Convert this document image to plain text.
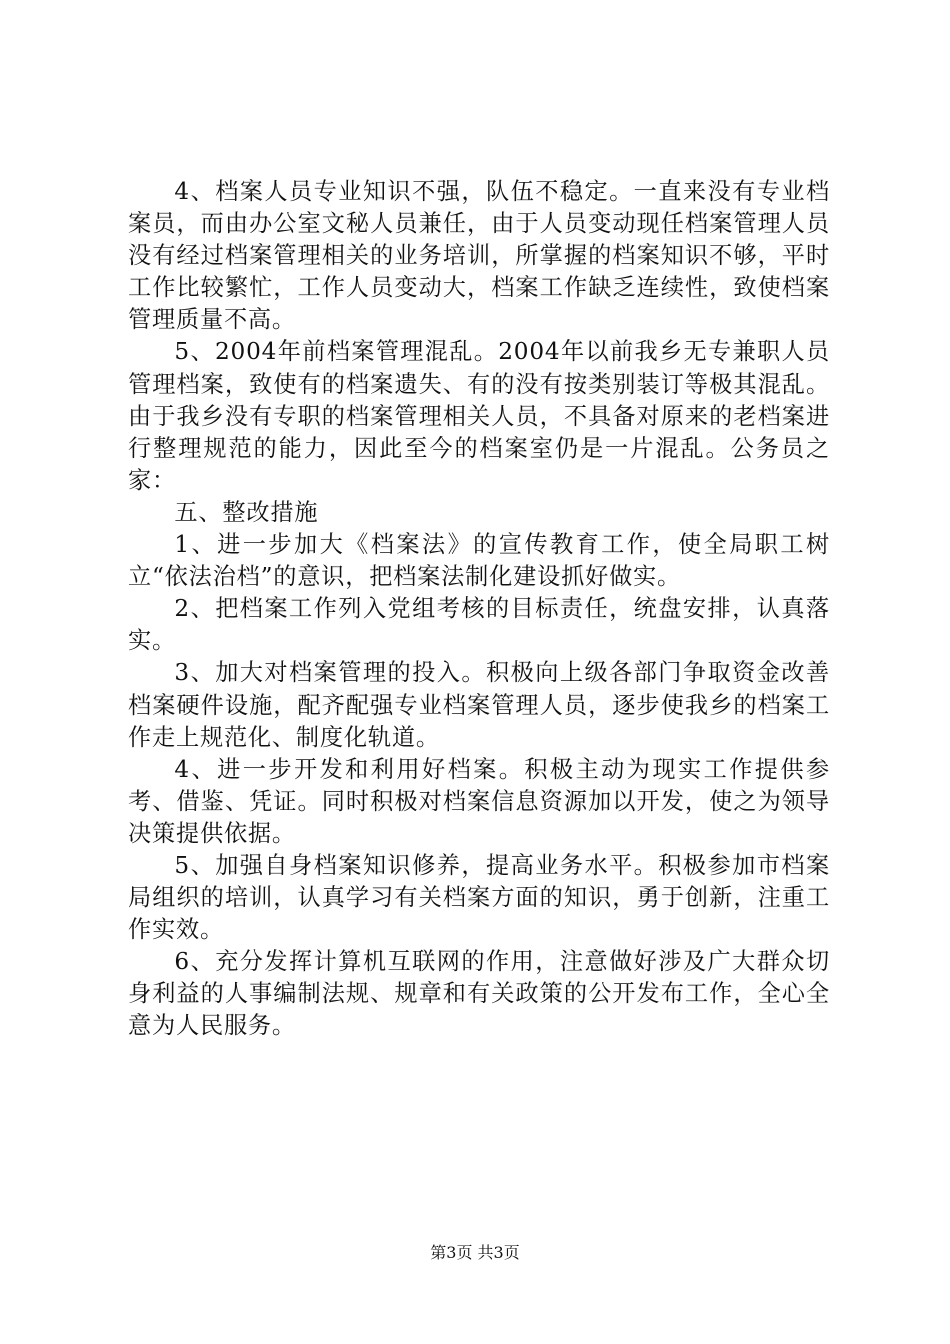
4、档案人员专业知识不强，队伍不稳定。一直来没有专业档案员，而由办公室文秘人员兼任，由于人员变动现任档案管理人员没有经过档案管理相关的业务培训，所掌握的档案知识不够，平时工作比较繁忙，工作人员变动大，档案工作缺乏连续性，致使档案管理质量不高。

5、2004年前档案管理混乱。2004年以前我乡无专兼职人员管理档案，致使有的档案遗失、有的没有按类别装订等极其混乱。由于我乡没有专职的档案管理相关人员，不具备对原来的老档案进行整理规范的能力，因此至今的档案室仍是一片混乱。公务员之家：

五、整改措施

1、进一步加大《档案法》的宣传教育工作，使全局职工树立“依法治档”的意识，把档案法制化建设抓好做实。

2、把档案工作列入党组考核的目标责任，统盘安排，认真落实。

3、加大对档案管理的投入。积极向上级各部门争取资金改善档案硬件设施，配齐配强专业档案管理人员，逐步使我乡的档案工作走上规范化、制度化轨道。

4、进一步开发和利用好档案。积极主动为现实工作提供参考、借鉴、凭证。同时积极对档案信息资源加以开发，使之为领导决策提供依据。

5、加强自身档案知识修养，提高业务水平。积极参加市档案局组织的培训，认真学习有关档案方面的知识，勇于创新，注重工作实效。

6、充分发挥计算机互联网的作用，注意做好涉及广大群众切身利益的人事编制法规、规章和有关政策的公开发布工作，全心全意为人民服务。

第3页 共3页
